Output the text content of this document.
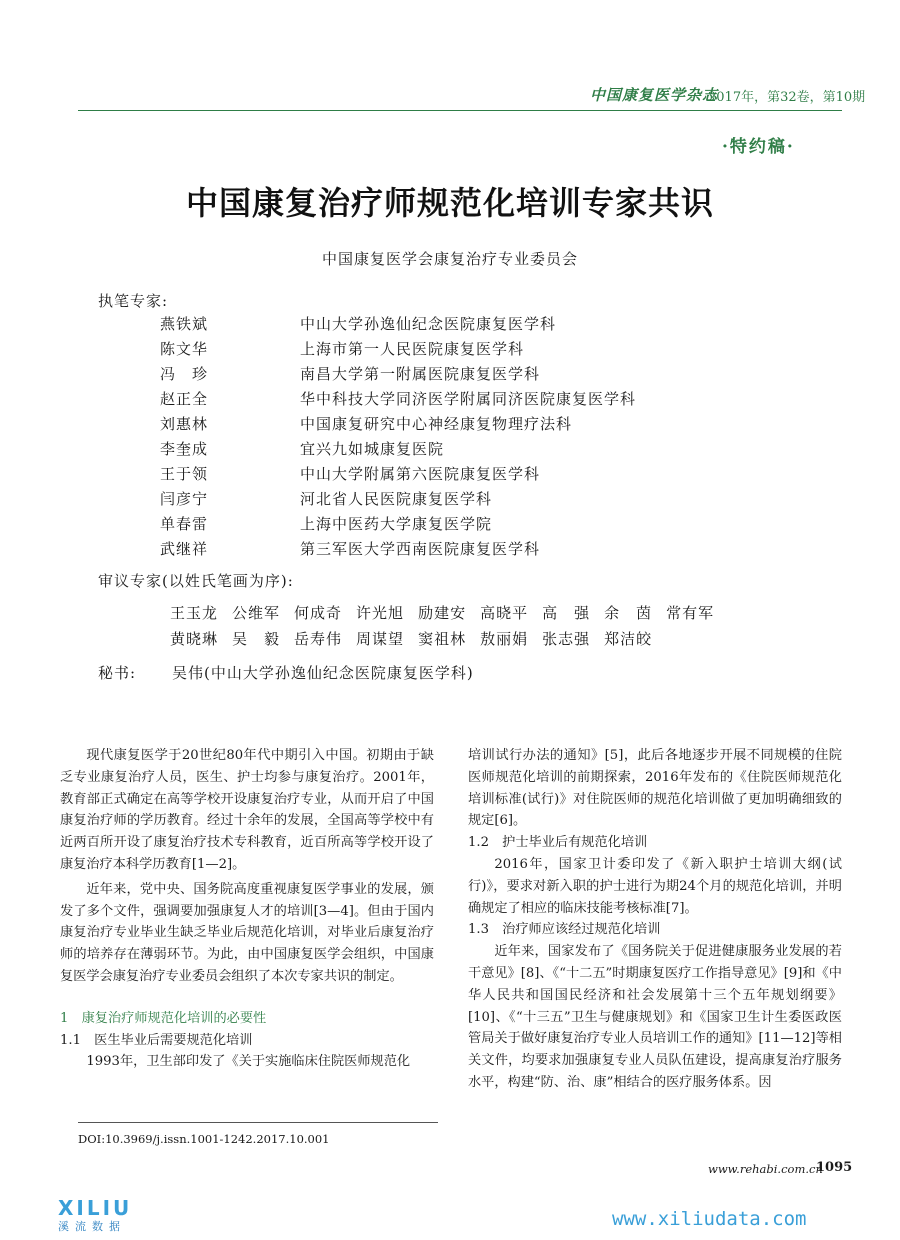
中国康复医学杂志
2017年，第32卷，第10期
·特约稿·
中国康复治疗师规范化培训专家共识
中国康复医学会康复治疗专业委员会
执笔专家:
燕铁斌	中山大学孙逸仙纪念医院康复医学科
陈文华	上海市第一人民医院康复医学科
冯　珍	南昌大学第一附属医院康复医学科
赵正全	华中科技大学同济医学附属同济医院康复医学科
刘惠林	中国康复研究中心神经康复物理疗法科
李奎成	宜兴九如城康复医院
王于领	中山大学附属第六医院康复医学科
闫彦宁	河北省人民医院康复医学科
单春雷	上海中医药大学康复医学院
武继祥	第三军医大学西南医院康复医学科
审议专家(以姓氏笔画为序):
王玉龙 公维军 何成奇 许光旭 励建安 高晓平 高　强 余　茵 常有军
黄晓琳 吴　毅 岳寿伟 周谋望 窦祖林 敖丽娟 张志强 郑洁皎
秘书: 吴伟(中山大学孙逸仙纪念医院康复医学科)

现代康复医学于20世纪80年代中期引入中国。初期由于缺乏专业康复治疗人员，医生、护士均参与康复治疗。2001年，教育部正式确定在高等学校开设康复治疗专业，从而开启了中国康复治疗师的学历教育。经过十余年的发展，全国高等学校中有近两百所开设了康复治疗技术专科教育，近百所高等学校开设了康复治疗本科学历教育[1—2]。

近年来，党中央、国务院高度重视康复医学事业的发展，颁发了多个文件，强调要加强康复人才的培训[3—4]。但由于国内康复治疗专业毕业生缺乏毕业后规范化培训，对毕业后康复治疗师的培养存在薄弱环节。为此，由中国康复医学会组织，中国康复医学会康复治疗专业委员会组织了本次专家共识的制定。

1　康复治疗师规范化培训的必要性

1.1　医生毕业后需要规范化培训

1993年，卫生部印发了《关于实施临床住院医师规范化

培训试行办法的通知》[5]，此后各地逐步开展不同规模的住院医师规范化培训的前期探索，2016年发布的《住院医师规范化培训标准(试行)》对住院医师的规范化培训做了更加明确细致的规定[6]。

1.2　护士毕业后有规范化培训

2016年，国家卫计委印发了《新入职护士培训大纲(试行)》，要求对新入职的护士进行为期24个月的规范化培训，并明确规定了相应的临床技能考核标准[7]。

1.3　治疗师应该经过规范化培训

近年来，国家发布了《国务院关于促进健康服务业发展的若干意见》[8]、《“十二五”时期康复医疗工作指导意见》[9]和《中华人民共和国国民经济和社会发展第十三个五年规划纲要》[10]、《“十三五”卫生与健康规划》和《国家卫生计生委医政医管局关于做好康复治疗专业人员培训工作的通知》[11—12]等相关文件，均要求加强康复专业人员队伍建设，提高康复治疗服务水平，构建“防、治、康”相结合的医疗服务体系。因

DOI:10.3969/j.issn.1001-1242.2017.10.001
www.rehabi.com.cn
1095
XILIU
溪流数据	www.xiliudata.com
